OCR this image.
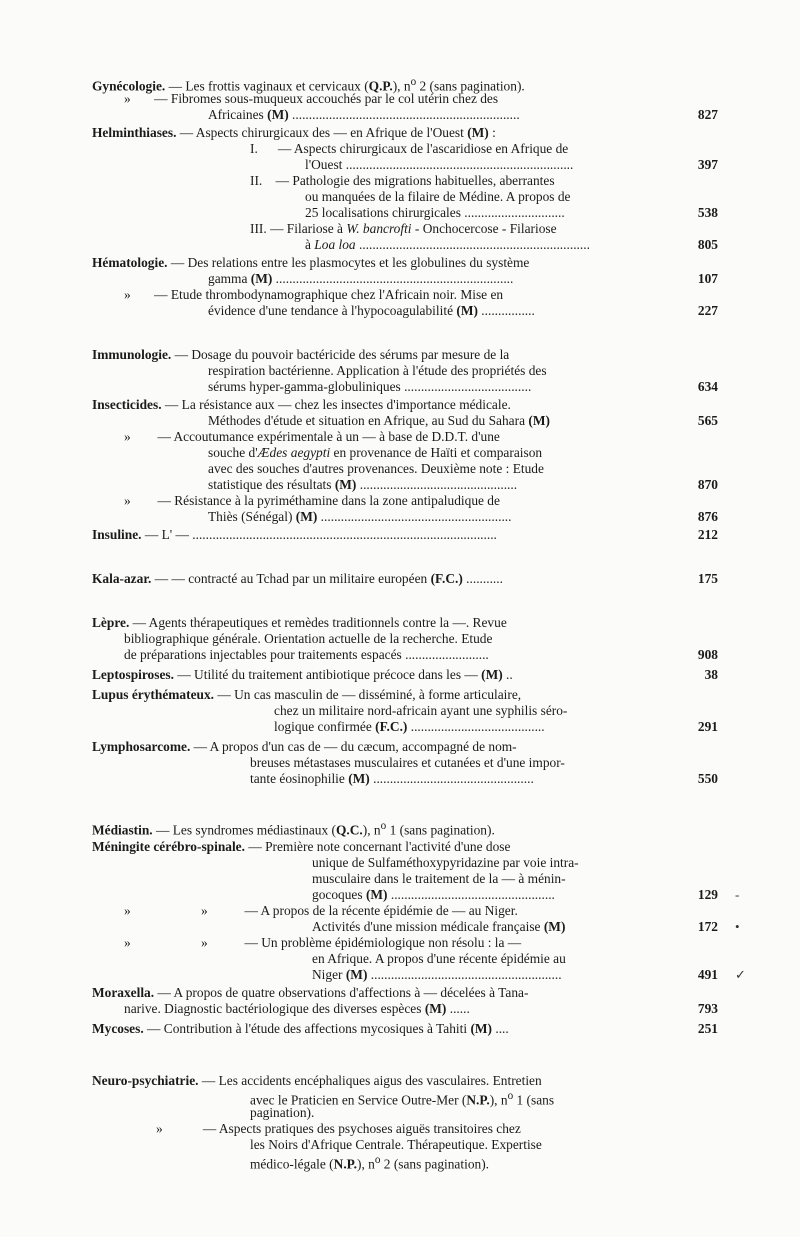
Gynécologie. — Les frottis vaginaux et cervicaux (Q.P.), $n^o$ 2 (sans pagination).
»       — Fibromes sous-muqueux accouchés par le col utérin chez des
Africaines (M) ....................................................................	827
Helminthiases. — Aspects chirurgicaux des — en Afrique de l'Ouest (M) :
I.      — Aspects chirurgicaux de l'ascaridiose en Afrique de
l'Ouest ....................................................................	397
II.    — Pathologie des migrations habituelles, aberrantes
ou manquées de la filaire de Médine. A propos de
25 localisations chirurgicales ..............................	538
III. — Filariose à W. bancrofti - Onchocercose - Filariose
à Loa loa .....................................................................	805
Hématologie. — Des relations entre les plasmocytes et les globulines du système
gamma (M) .......................................................................	107
»       — Etude thrombodynamographique chez l'Africain noir. Mise en
évidence d'une tendance à l'hypocoagulabilité (M) ................	227
Immunologie. — Dosage du pouvoir bactéricide des sérums par mesure de la
respiration bactérienne. Application à l'étude des propriétés des
sérums hyper-gamma-globuliniques ......................................	634
Insecticides. — La résistance aux — chez les insectes d'importance médicale.
Méthodes d'étude et situation en Afrique, au Sud du Sahara (M)	565
»        — Accoutumance expérimentale à un — à base de D.D.T. d'une
souche d'Ædes aegypti en provenance de Haïti et comparaison
avec des souches d'autres provenances. Deuxième note : Etude
statistique des résultats (M) ...............................................	870
»        — Résistance à la pyriméthamine dans la zone antipaludique de
Thiès (Sénégal) (M) .........................................................	876
Insuline. — L' — ...........................................................................................	212
Kala-azar. — — contracté au Tchad par un militaire européen (F.C.) ...........	175
Lèpre. — Agents thérapeutiques et remèdes traditionnels contre la —. Revue
bibliographique générale. Orientation actuelle de la recherche. Etude
de préparations injectables pour traitements espacés .........................	908
Leptospiroses. — Utilité du traitement antibiotique précoce dans les — (M) ..	38
Lupus érythémateux. — Un cas masculin de — disséminé, à forme articulaire,
chez un militaire nord-africain ayant une syphilis séro-
logique confirmée (F.C.) ........................................	291
Lymphosarcome. — A propos d'un cas de — du cæcum, accompagné de nom-
breuses métastases musculaires et cutanées et d'une impor-
tante éosinophilie (M) ................................................	550
Médiastin. — Les syndromes médiastinaux (Q.C.), $n^o$ 1 (sans pagination).
Méningite cérébro-spinale. — Première note concernant l'activité d'une dose
unique de Sulfaméthoxypyridazine par voie intra-
musculaire dans le traitement de la — à ménin-
gocoques (M) .................................................	129
»                     »           — A propos de la récente épidémie de — au Niger.
Activités d'une mission médicale française (M)	172
»                     »           — Un problème épidémiologique non résolu : la —
en Afrique. A propos d'une récente épidémie au
Niger (M) .........................................................	491
Moraxella. — A propos de quatre observations d'affections à — décelées à Tana-
narive. Diagnostic bactériologique des diverses espèces (M) ......	793
Mycoses. — Contribution à l'étude des affections mycosiques à Tahiti (M) ....	251
Neuro-psychiatrie. — Les accidents encéphaliques aigus des vasculaires. Entretien
avec le Praticien en Service Outre-Mer (N.P.), $n^o$ 1 (sans
pagination).
»            — Aspects pratiques des psychoses aiguës transitoires chez
les Noirs d'Afrique Centrale. Thérapeutique. Expertise
médico-légale (N.P.), $n^o$ 2 (sans pagination).
-
•
✓
